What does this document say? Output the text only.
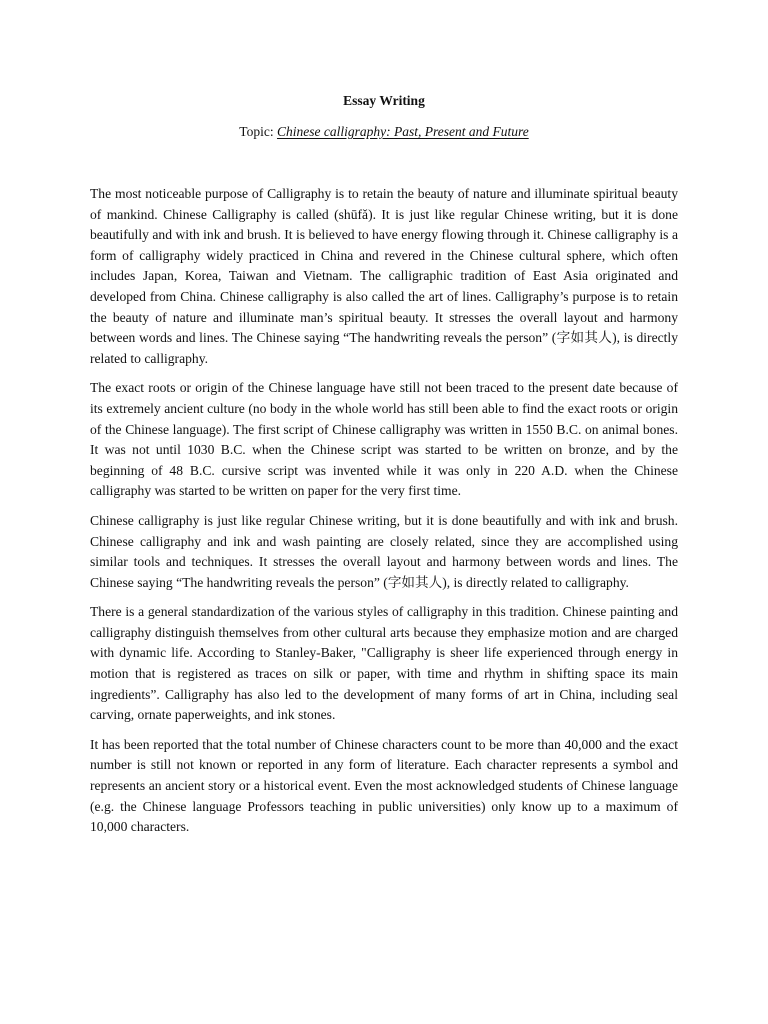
Essay Writing

Topic: Chinese calligraphy: Past, Present and Future

The most noticeable purpose of Calligraphy is to retain the beauty of nature and illuminate spiritual beauty of mankind. Chinese Calligraphy is called (shūfǎ). It is just like regular Chinese writing, but it is done beautifully and with ink and brush. It is believed to have energy flowing through it. Chinese calligraphy is a form of calligraphy widely practiced in China and revered in the Chinese cultural sphere, which often includes Japan, Korea, Taiwan and Vietnam. The calligraphic tradition of East Asia originated and developed from China. Chinese calligraphy is also called the art of lines. Calligraphy’s purpose is to retain the beauty of nature and illuminate man’s spiritual beauty. It stresses the overall layout and harmony between words and lines. The Chinese saying “The handwriting reveals the person” (字如其人), is directly related to calligraphy.

The exact roots or origin of the Chinese language have still not been traced to the present date because of its extremely ancient culture (no body in the whole world has still been able to find the exact roots or origin of the Chinese language). The first script of Chinese calligraphy was written in 1550 B.C. on animal bones. It was not until 1030 B.C. when the Chinese script was started to be written on bronze, and by the beginning of 48 B.C. cursive script was invented while it was only in 220 A.D. when the Chinese calligraphy was started to be written on paper for the very first time.

Chinese calligraphy is just like regular Chinese writing, but it is done beautifully and with ink and brush. Chinese calligraphy and ink and wash painting are closely related, since they are accomplished using similar tools and techniques. It stresses the overall layout and harmony between words and lines. The Chinese saying “The handwriting reveals the person” (字如其人), is directly related to calligraphy.

There is a general standardization of the various styles of calligraphy in this tradition. Chinese painting and calligraphy distinguish themselves from other cultural arts because they emphasize motion and are charged with dynamic life. According to Stanley-Baker, "Calligraphy is sheer life experienced through energy in motion that is registered as traces on silk or paper, with time and rhythm in shifting space its main ingredients”. Calligraphy has also led to the development of many forms of art in China, including seal carving, ornate paperweights, and ink stones.

It has been reported that the total number of Chinese characters count to be more than 40,000 and the exact number is still not known or reported in any form of literature. Each character represents a symbol and represents an ancient story or a historical event. Even the most acknowledged students of Chinese language (e.g. the Chinese language Professors teaching in public universities) only know up to a maximum of 10,000 characters.
